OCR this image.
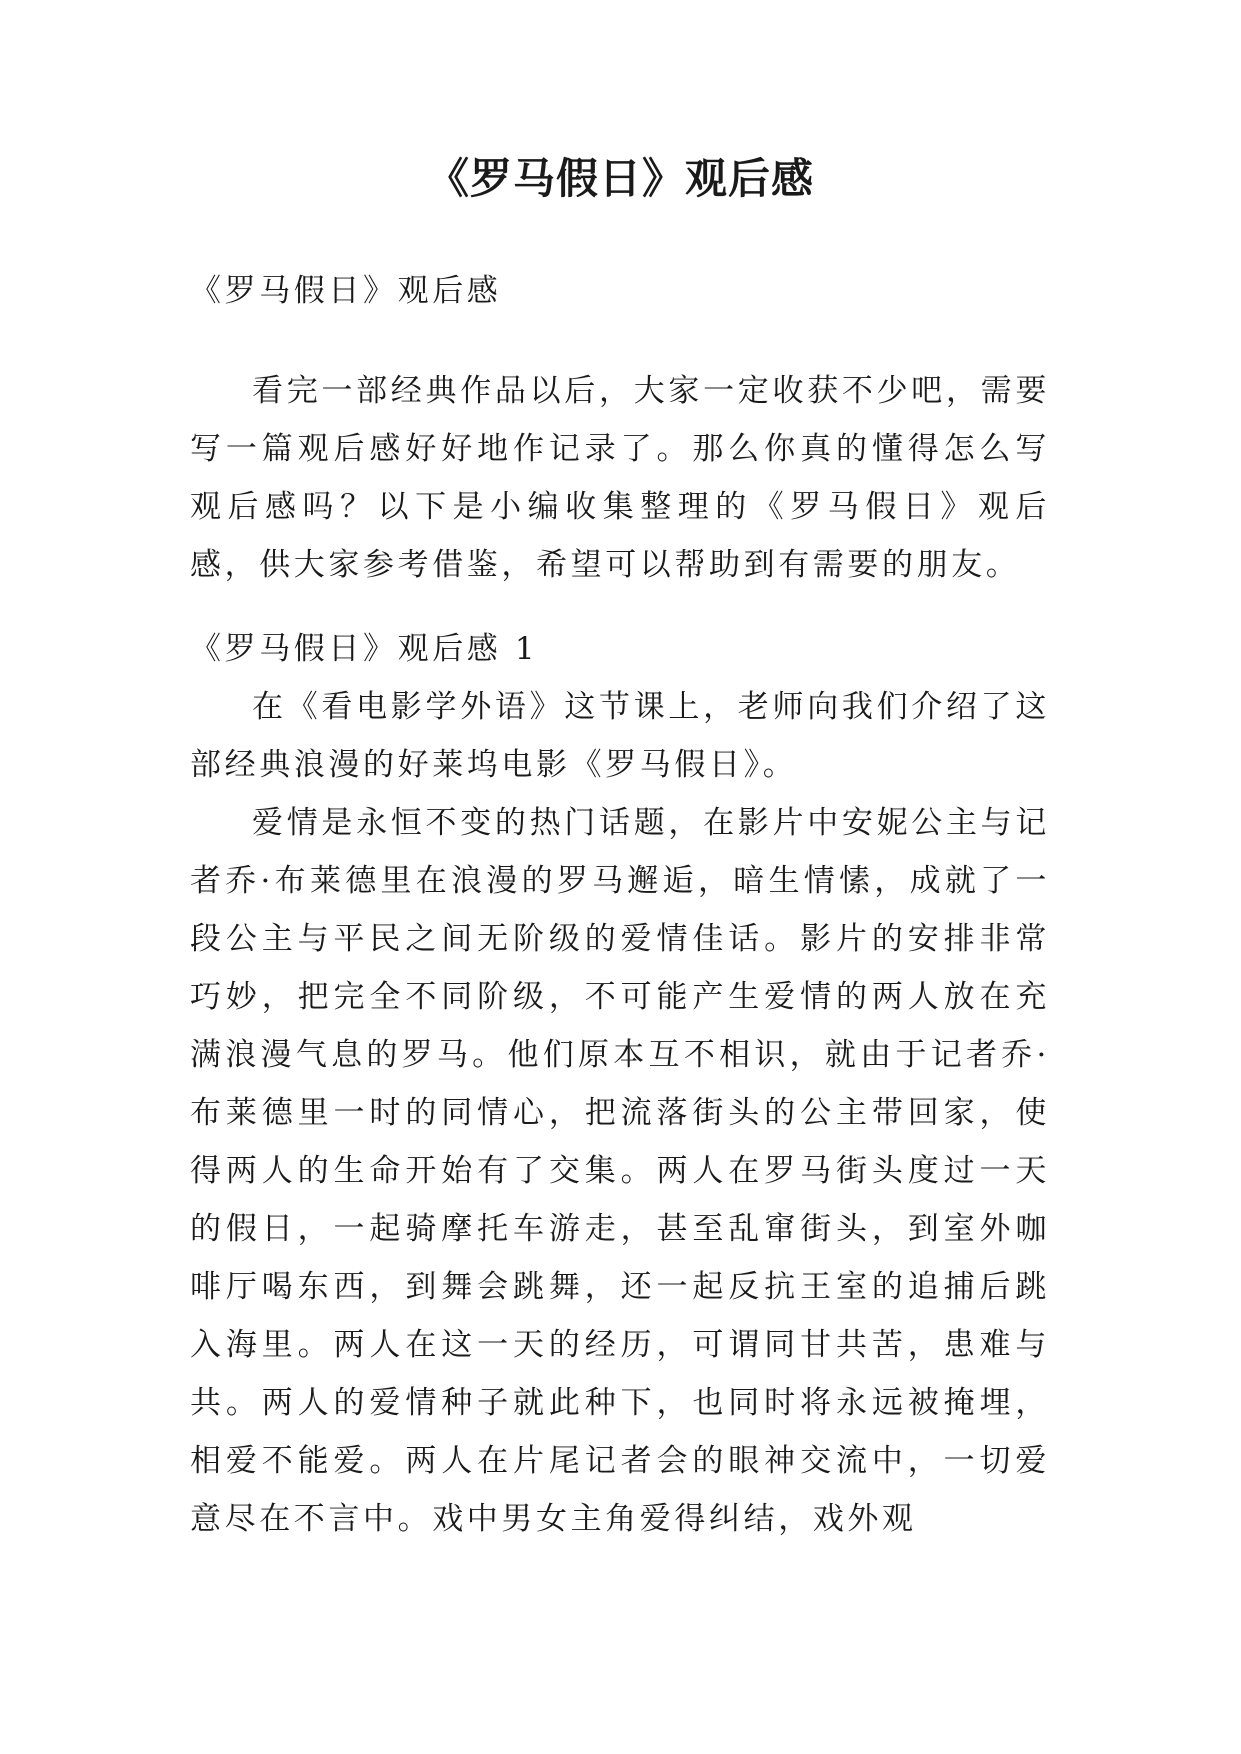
《罗马假日》观后感

《罗马假日》观后感

看完一部经典作品以后，大家一定收获不少吧，需要写一篇观后感好好地作记录了。那么你真的懂得怎么写观后感吗？以下是小编收集整理的《罗马假日》观后感，供大家参考借鉴，希望可以帮助到有需要的朋友。

《罗马假日》观后感 1

在《看电影学外语》这节课上，老师向我们介绍了这部经典浪漫的好莱坞电影《罗马假日》。

爱情是永恒不变的热门话题，在影片中安妮公主与记者乔·布莱德里在浪漫的罗马邂逅，暗生情愫，成就了一段公主与平民之间无阶级的爱情佳话。影片的安排非常巧妙，把完全不同阶级，不可能产生爱情的两人放在充满浪漫气息的罗马。他们原本互不相识，就由于记者乔·布莱德里一时的同情心，把流落街头的公主带回家，使得两人的生命开始有了交集。两人在罗马街头度过一天的假日，一起骑摩托车游走，甚至乱窜街头，到室外咖啡厅喝东西，到舞会跳舞，还一起反抗王室的追捕后跳入海里。两人在这一天的经历，可谓同甘共苦，患难与共。两人的爱情种子就此种下，也同时将永远被掩埋，相爱不能爱。两人在片尾记者会的眼神交流中，一切爱意尽在不言中。戏中男女主角爱得纠结，戏外观
